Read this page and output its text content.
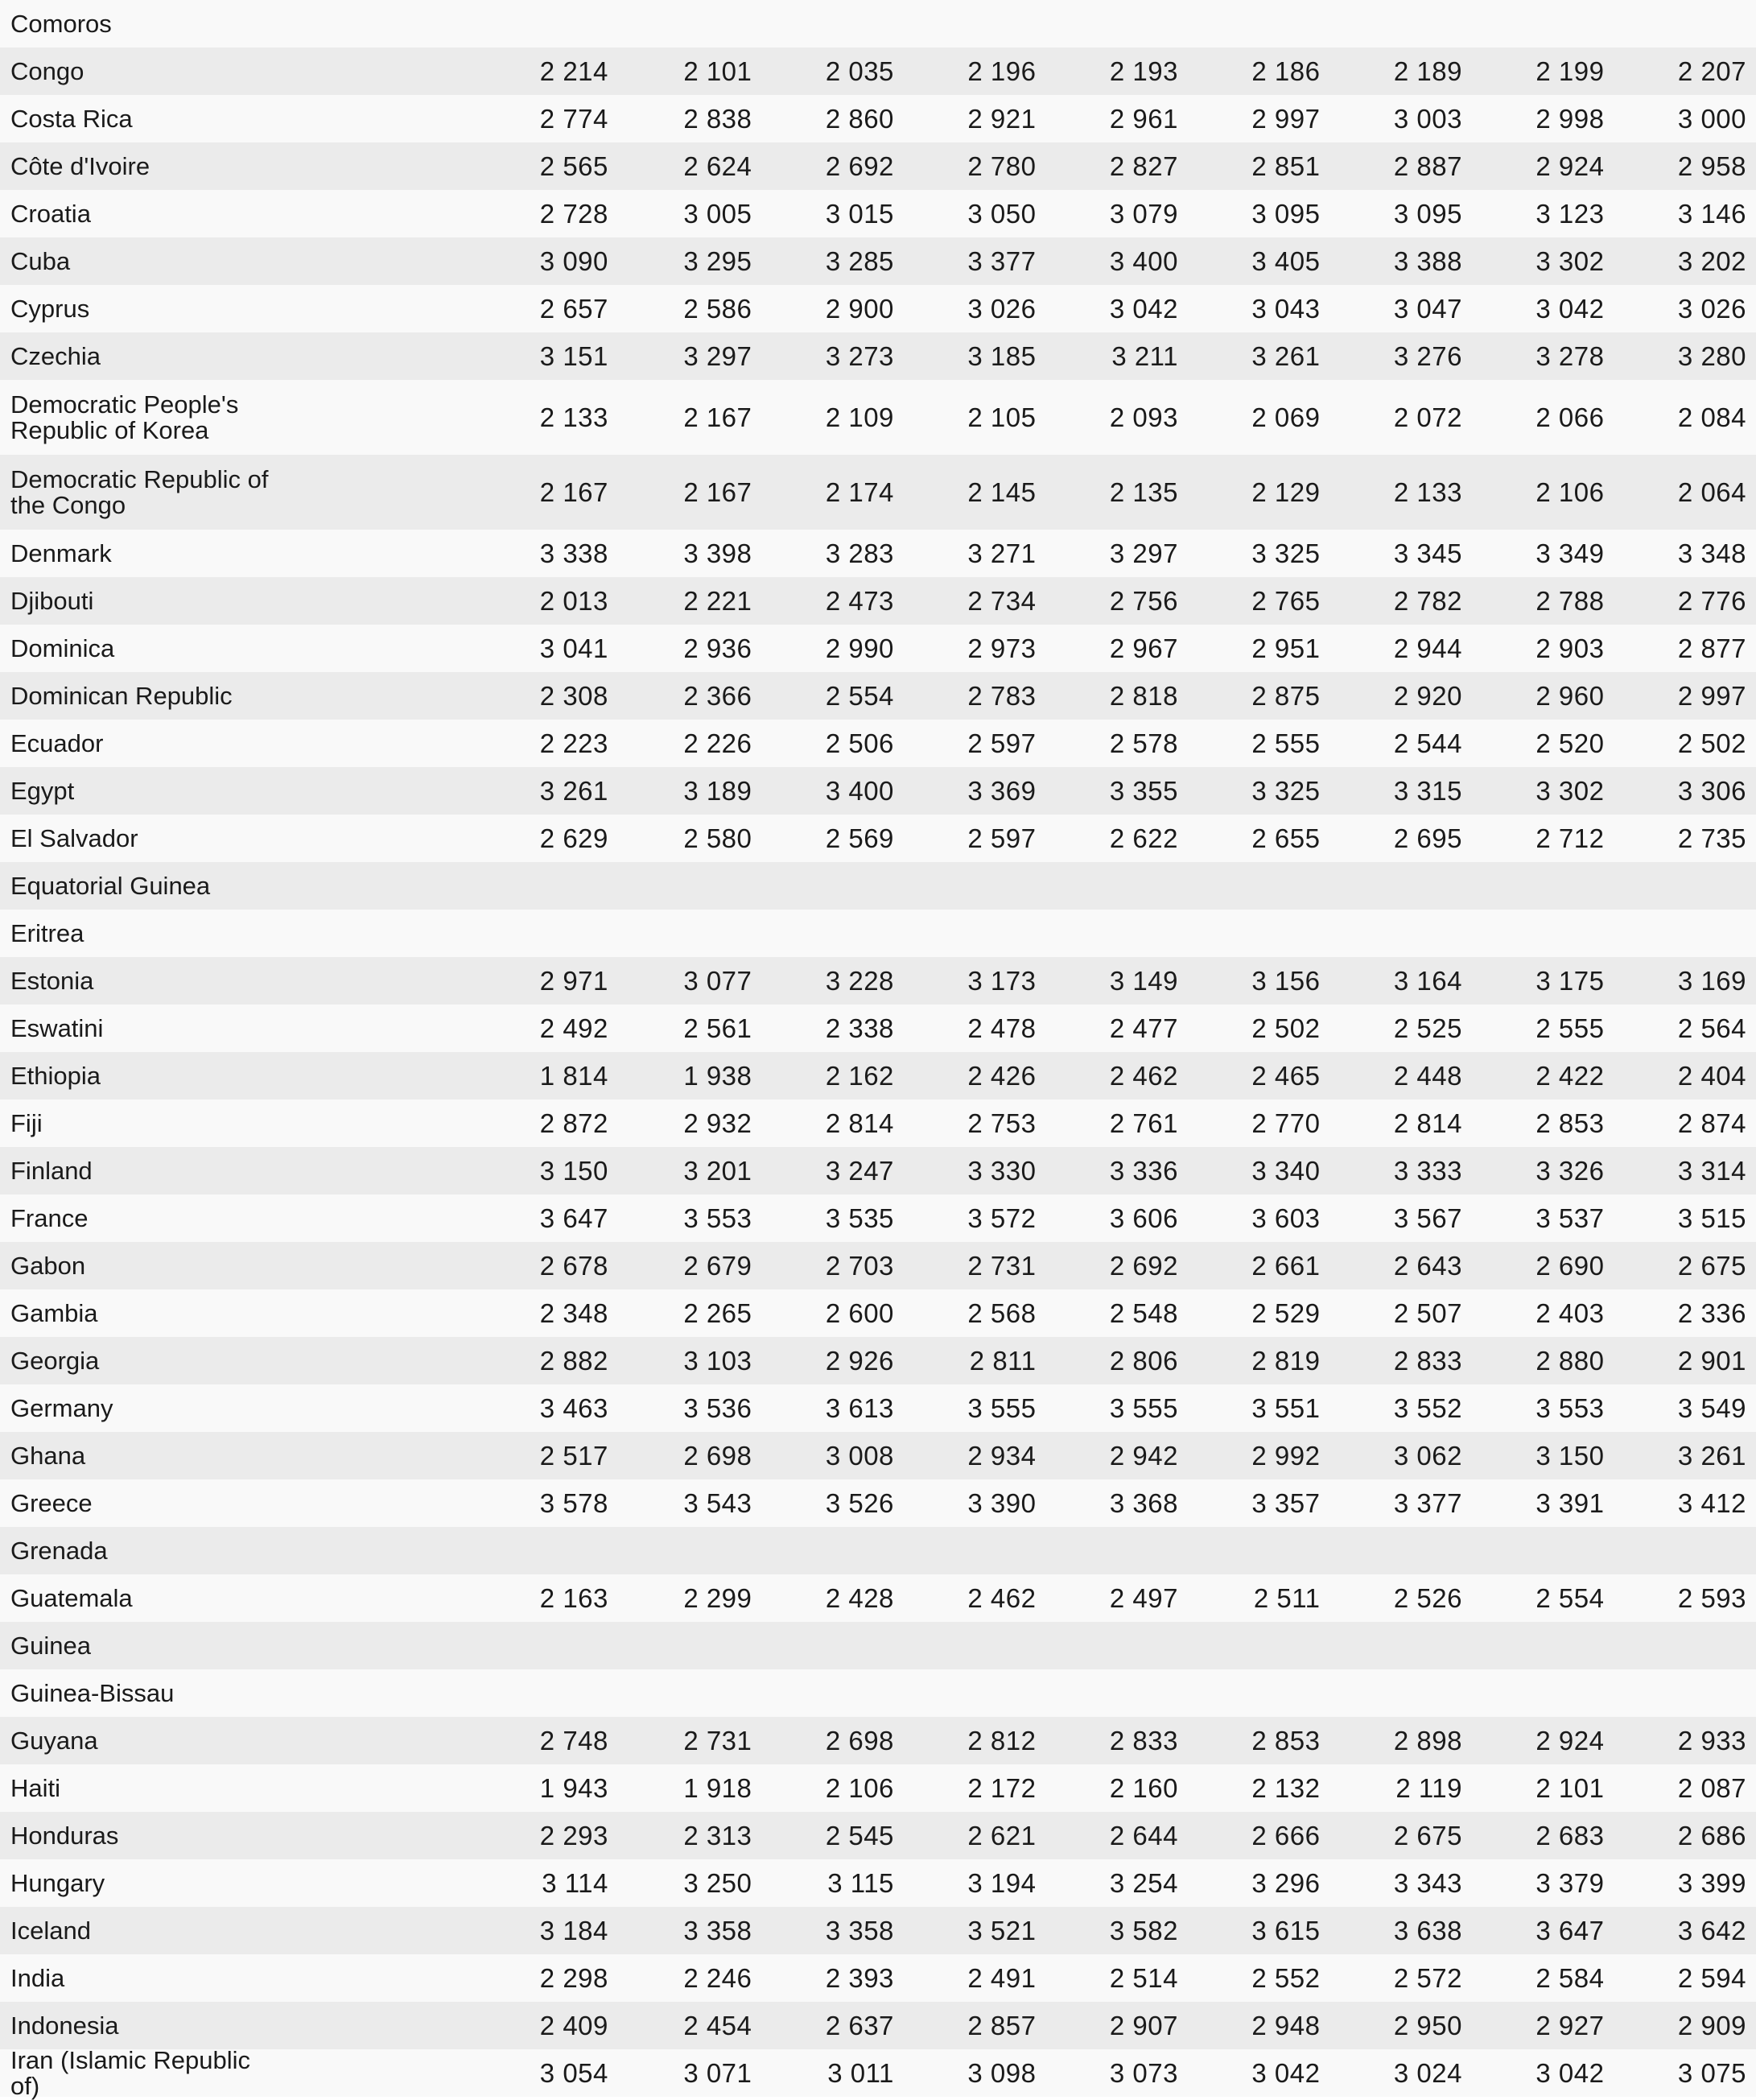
Comoros
Congo	2 214	2 101	2 035	2 196	2 193	2 186	2 189	2 199	2 207
Costa Rica	2 774	2 838	2 860	2 921	2 961	2 997	3 003	2 998	3 000
Côte d'Ivoire	2 565	2 624	2 692	2 780	2 827	2 851	2 887	2 924	2 958
Croatia	2 728	3 005	3 015	3 050	3 079	3 095	3 095	3 123	3 146
Cuba	3 090	3 295	3 285	3 377	3 400	3 405	3 388	3 302	3 202
Cyprus	2 657	2 586	2 900	3 026	3 042	3 043	3 047	3 042	3 026
Czechia	3 151	3 297	3 273	3 185	3 211	3 261	3 276	3 278	3 280
Democratic People's Republic of Korea	2 133	2 167	2 109	2 105	2 093	2 069	2 072	2 066	2 084
Democratic Republic of the Congo	2 167	2 167	2 174	2 145	2 135	2 129	2 133	2 106	2 064
Denmark	3 338	3 398	3 283	3 271	3 297	3 325	3 345	3 349	3 348
Djibouti	2 013	2 221	2 473	2 734	2 756	2 765	2 782	2 788	2 776
Dominica	3 041	2 936	2 990	2 973	2 967	2 951	2 944	2 903	2 877
Dominican Republic	2 308	2 366	2 554	2 783	2 818	2 875	2 920	2 960	2 997
Ecuador	2 223	2 226	2 506	2 597	2 578	2 555	2 544	2 520	2 502
Egypt	3 261	3 189	3 400	3 369	3 355	3 325	3 315	3 302	3 306
El Salvador	2 629	2 580	2 569	2 597	2 622	2 655	2 695	2 712	2 735
Equatorial Guinea
Eritrea
Estonia	2 971	3 077	3 228	3 173	3 149	3 156	3 164	3 175	3 169
Eswatini	2 492	2 561	2 338	2 478	2 477	2 502	2 525	2 555	2 564
Ethiopia	1 814	1 938	2 162	2 426	2 462	2 465	2 448	2 422	2 404
Fiji	2 872	2 932	2 814	2 753	2 761	2 770	2 814	2 853	2 874
Finland	3 150	3 201	3 247	3 330	3 336	3 340	3 333	3 326	3 314
France	3 647	3 553	3 535	3 572	3 606	3 603	3 567	3 537	3 515
Gabon	2 678	2 679	2 703	2 731	2 692	2 661	2 643	2 690	2 675
Gambia	2 348	2 265	2 600	2 568	2 548	2 529	2 507	2 403	2 336
Georgia	2 882	3 103	2 926	2 811	2 806	2 819	2 833	2 880	2 901
Germany	3 463	3 536	3 613	3 555	3 555	3 551	3 552	3 553	3 549
Ghana	2 517	2 698	3 008	2 934	2 942	2 992	3 062	3 150	3 261
Greece	3 578	3 543	3 526	3 390	3 368	3 357	3 377	3 391	3 412
Grenada
Guatemala	2 163	2 299	2 428	2 462	2 497	2 511	2 526	2 554	2 593
Guinea
Guinea-Bissau
Guyana	2 748	2 731	2 698	2 812	2 833	2 853	2 898	2 924	2 933
Haiti	1 943	1 918	2 106	2 172	2 160	2 132	2 119	2 101	2 087
Honduras	2 293	2 313	2 545	2 621	2 644	2 666	2 675	2 683	2 686
Hungary	3 114	3 250	3 115	3 194	3 254	3 296	3 343	3 379	3 399
Iceland	3 184	3 358	3 358	3 521	3 582	3 615	3 638	3 647	3 642
India	2 298	2 246	2 393	2 491	2 514	2 552	2 572	2 584	2 594
Indonesia	2 409	2 454	2 637	2 857	2 907	2 948	2 950	2 927	2 909
Iran (Islamic Republic of)	3 054	3 071	3 011	3 098	3 073	3 042	3 024	3 042	3 075
